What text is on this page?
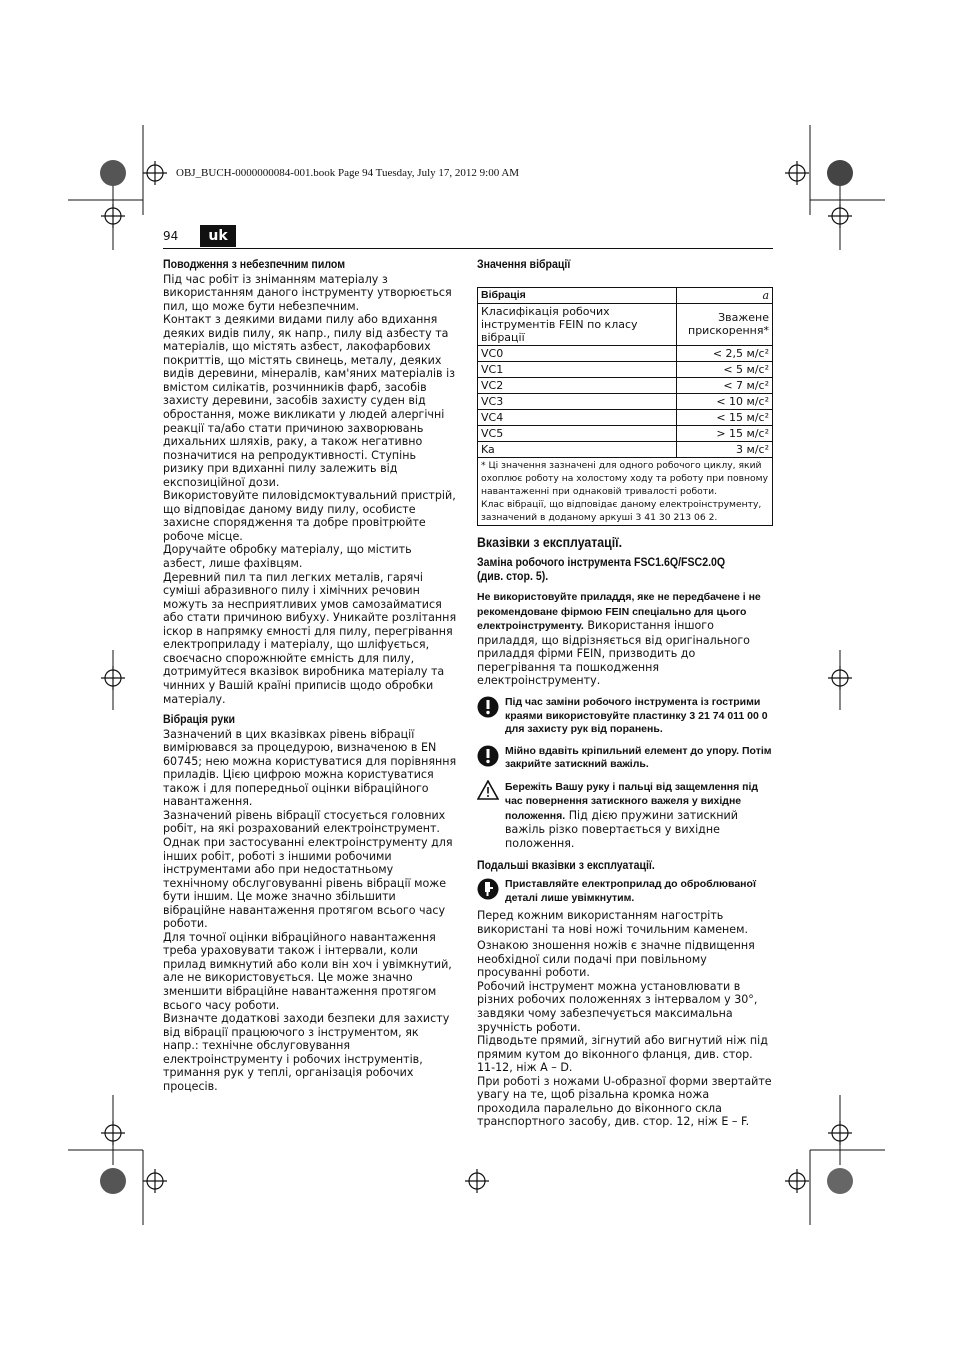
OBJ_BUCH-0000000084-001.book Page 94 Tuesday, July 17, 2012 9:00 AM
94	uk

Поводження з небезпечним пилом

Під час робіт із зніманням матеріалу з використанням даного інструменту утворюється пил, що може бути небезпечним.

Контакт з деякими видами пилу або вдихання деяких видів пилу, як напр., пилу від азбесту та матеріалів, що містять азбест, лакофарбових покриттів, що містять свинець, металу, деяких видів деревини, мінералів, кам'яних матеріалів із вмістом силікатів, розчинників фарб, засобів захисту деревини, засобів захисту суден від обростання, може викликати у людей алергічні реакції та/або стати причиною захворювань дихальних шляхів, раку, а також негативно позначитися на репродуктивності. Ступінь ризику при вдиханні пилу залежить від експозиційної дози.

Використовуйте пиловідсмоктувальний пристрій, що відповідає даному виду пилу, особисте захисне спорядження та добре провітрюйте робоче місце.

Доручайте обробку матеріалу, що містить азбест, лише фахівцям.

Деревний пил та пил легких металів, гарячі суміші абразивного пилу і хімічних речовин можуть за несприятливих умов самозайматися або стати причиною вибуху. Уникайте розлітання іскор в напрямку ємності для пилу, перегрівання електроприладу і матеріалу, що шліфується, своєчасно спорожнюйте ємність для пилу, дотримуйтеся вказівок виробника матеріалу та чинних у Вашій країні приписів щодо обробки матеріалу.

Вібрація руки

Зазначений в цих вказівках рівень вібрації вимірювався за процедурою, визначеною в EN 60745; нею можна користуватися для порівняння приладів. Цією цифрою можна користуватися також і для попередньої оцінки вібраційного навантаження.

Зазначений рівень вібрації стосується головних робіт, на які розрахований електроінструмент. Однак при застосуванні електроінструменту для інших робіт, роботі з іншими робочими інструментами або при недостатньому технічному обслуговуванні рівень вібрації може бути іншим. Це може значно збільшити вібраційне навантаження протягом всього часу роботи.

Для точної оцінки вібраційного навантаження треба ураховувати також і інтервали, коли прилад вимкнутий або коли він хоч і увімкнутий, але не використовується. Це може значно зменшити вібраційне навантаження протягом всього часу роботи.

Визначте додаткові заходи безпеки для захисту від вібрації працюючого з інструментом, як напр.: технічне обслуговування електроінструменту і робочих інструментів, тримання рук у теплі, організація робочих процесів.

Значення вібрації

Вібрація	a
Класифікація робочих інструментів FEIN по класу вібрації	Зважене прискорення*
VC0	< 2,5 м/с²
VC1	< 5 м/с²
VC2	< 7 м/с²
VC3	< 10 м/с²
VC4	< 15 м/с²
VC5	> 15 м/с²
Ka	3 м/с²

* Ці значення зазначені для одного робочого циклу, який охоплює роботу на холостому ходу та роботу при повному навантаженні при однаковій тривалості роботи.
Клас вібрації, що відповідає даному електроінструменту, зазначений в доданому аркуші 3 41 30 213 06 2.	

Вказівки з експлуатації.

Заміна робочого інструмента FSC1.6Q/FSC2.0Q (див. стор. 5).

Не використовуйте приладдя, яке не передбачене і не рекомендоване фірмою FEIN спеціально для цього електроінструменту. Використання іншого приладдя, що відрізняється від оригінального приладдя фірми FEIN, призводить до перегрівання та пошкодження електроінструменту.

Під час заміни робочого інструмента із гострими краями використовуйте пластинку 3 21 74 011 00 0 для захисту рук від поранень.
Мійно вдавіть кріпильний елемент до упору. Потім закрийте затискний важіль.
Бережіть Вашу руку і пальці від защемлення під час повернення затискного важеля у вихідне положення. Під дією пружини затискний важіль різко повертається у вихідне положення.

Подальші вказівки з експлуатації.

Приставляйте електроприлад до оброблюваної деталі лише увімкнутим.

Перед кожним використанням нагостріть використані та нові ножі точильним каменем.

Ознакою зношення ножів є значне підвищення необхідної сили подачі при повільному просуванні роботи.

Робочий інструмент можна установлювати в різних робочих положеннях з інтервалом у 30°, завдяки чому забезпечується максимальна зручність роботи.

Підводьте прямий, зігнутий або вигнутий ніж під прямим кутом до віконного фланця, див. стор. 11-12, ніж A – D.

При роботі з ножами U-образної форми звертайте увагу на те, щоб різальна кромка ножа проходила паралельно до віконного скла транспортного засобу, див. стор. 12, ніж E – F.
